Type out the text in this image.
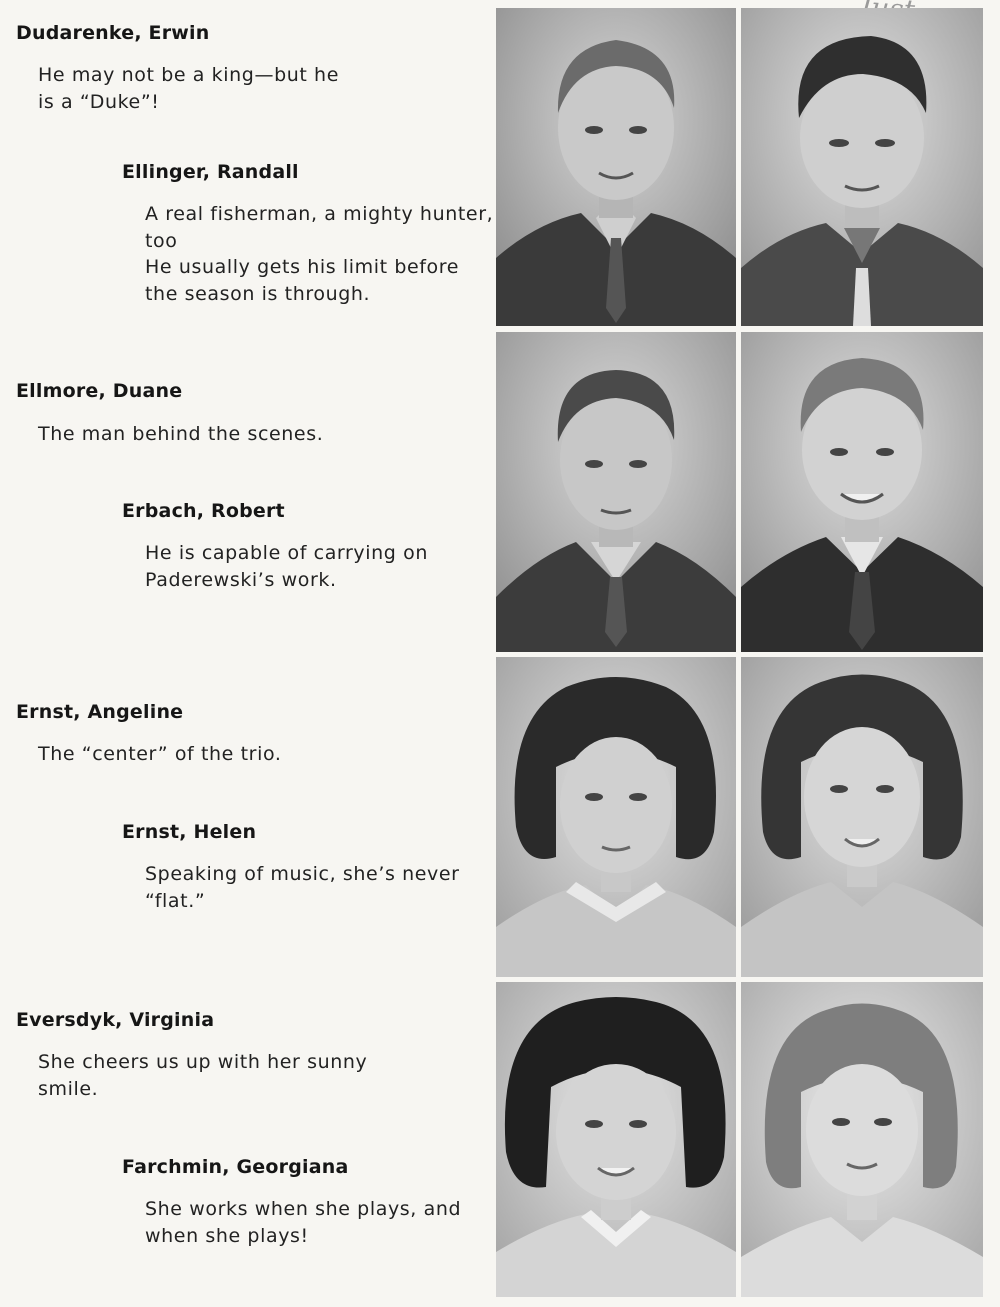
Dudarenke, Erwin
He may not be a king—but he
is a “Duke”!
Ellinger, Randall
A real fisherman, a mighty hunter,
too
He usually gets his limit before
the season is through.
Ellmore, Duane
The man behind the scenes.
Erbach, Robert
He is capable of carrying on
Paderewski’s work.
Ernst, Angeline
The “center” of the trio.
Ernst, Helen
Speaking of music, she’s never
“flat.”
Eversdyk, Virginia
She cheers us up with her sunny
smile.
Farchmin, Georgiana
She works when she plays, and
when she plays!
